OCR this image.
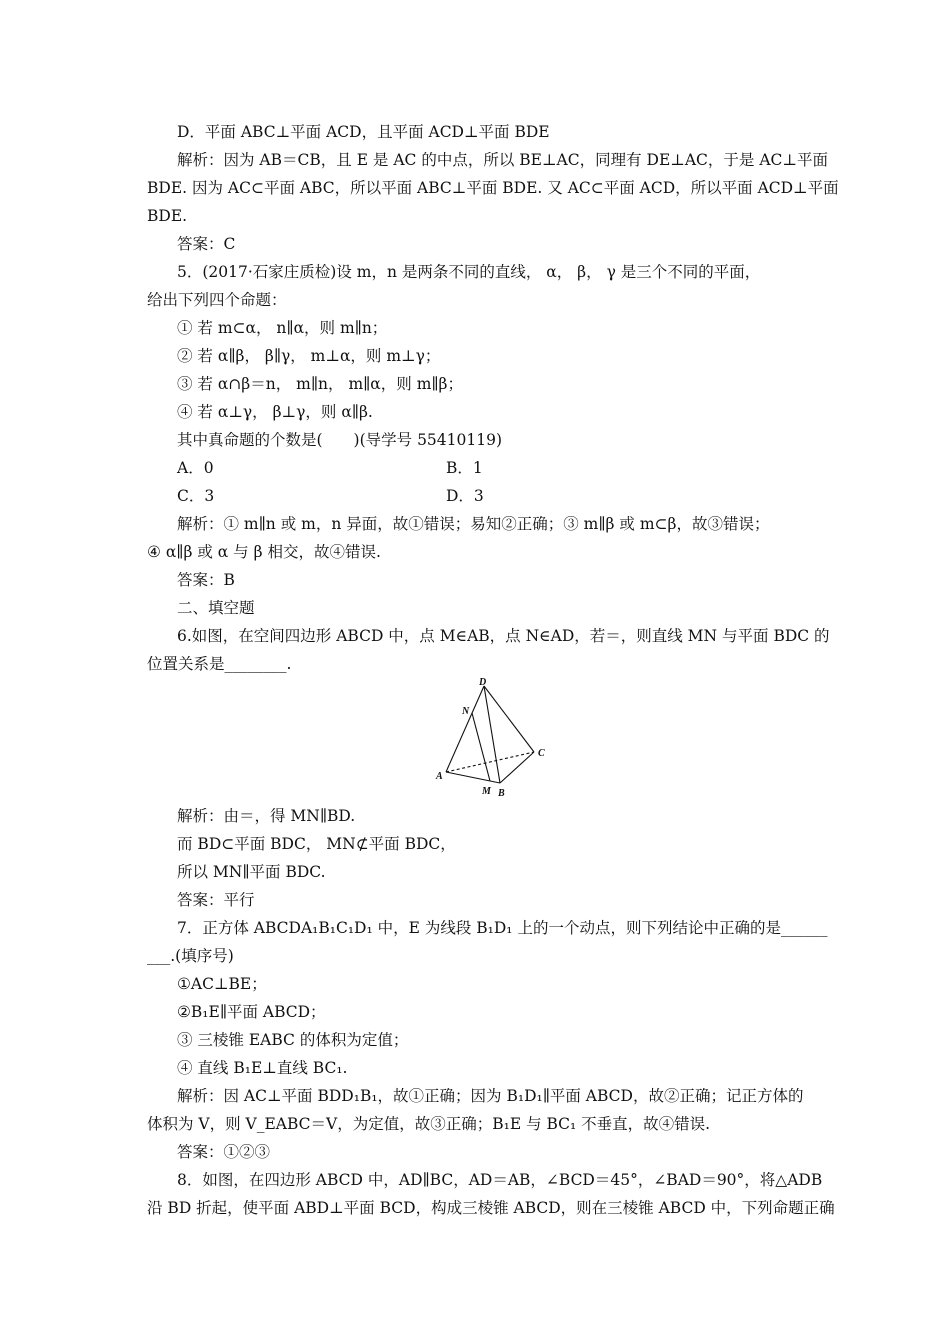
D．平面 ABC⊥平面 ACD，且平面 ACD⊥平面 BDE
解析：因为 AB＝CB，且 E 是 AC 的中点，所以 BE⊥AC，同理有 DE⊥AC，于是 AC⊥平面
BDE. 因为 AC⊂平面 ABC，所以平面 ABC⊥平面 BDE. 又 AC⊂平面 ACD，所以平面 ACD⊥平面
BDE.
答案：C
5．(2017·石家庄质检)设 m，n 是两条不同的直线， α， β， γ 是三个不同的平面，
给出下列四个命题：
① 若 m⊂α， n∥α，则 m∥n；
② 若 α∥β， β∥γ， m⊥α，则 m⊥γ；
③ 若 α∩β＝n， m∥n， m∥α，则 m∥β；
④ 若 α⊥γ， β⊥γ，则 α∥β.
其中真命题的个数是(　　)(导学号 55410119)
A．0	B．1
C．3	D．3
解析：① m∥n 或 m，n 异面，故①错误；易知②正确；③ m∥β 或 m⊂β，故③错误；
④ α∥β 或 α 与 β 相交，故④错误.
答案：B
二、填空题
6.如图，在空间四边形 ABCD 中，点 M∈AB，点 N∈AD，若＝，则直线 MN 与平面 BDC 的
位置关系是________.
D
N
C
A
M B
解析：由＝，得 MN∥BD.
而 BD⊂平面 BDC， MN⊄平面 BDC，
所以 MN∥平面 BDC.
答案：平行
7．正方体 ABCDA₁B₁C₁D₁ 中，E 为线段 B₁D₁ 上的一个动点，则下列结论中正确的是______
___.(填序号)
①AC⊥BE；
②B₁E∥平面 ABCD；
③ 三棱锥 EABC 的体积为定值；
④ 直线 B₁E⊥直线 BC₁.
解析：因 AC⊥平面 BDD₁B₁，故①正确；因为 B₁D₁∥平面 ABCD，故②正确；记正方体的
体积为 V，则 V_EABC＝V，为定值，故③正确；B₁E 与 BC₁ 不垂直，故④错误.
答案：①②③
8．如图，在四边形 ABCD 中，AD∥BC，AD＝AB，∠BCD＝45°，∠BAD＝90°，将△ADB
沿 BD 折起，使平面 ABD⊥平面 BCD，构成三棱锥 ABCD，则在三棱锥 ABCD 中，下列命题正确
